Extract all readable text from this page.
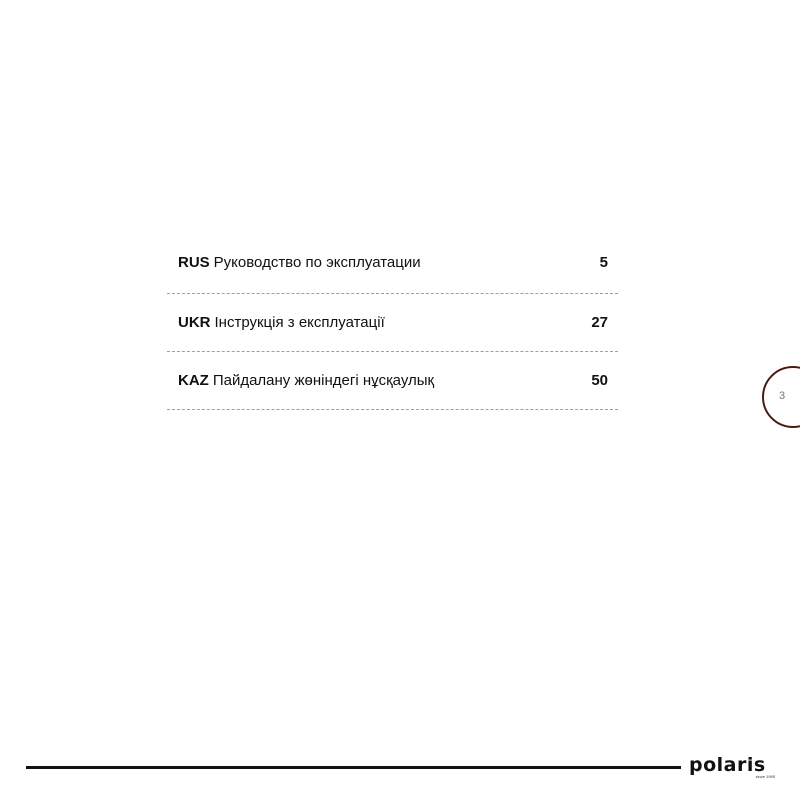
RUS Руководство по эксплуатации	5
UKR Інструкція з експлуатації	27
KAZ Пайдалану жөніндегі нұсқаулық	50
3
polaris
since 1995
